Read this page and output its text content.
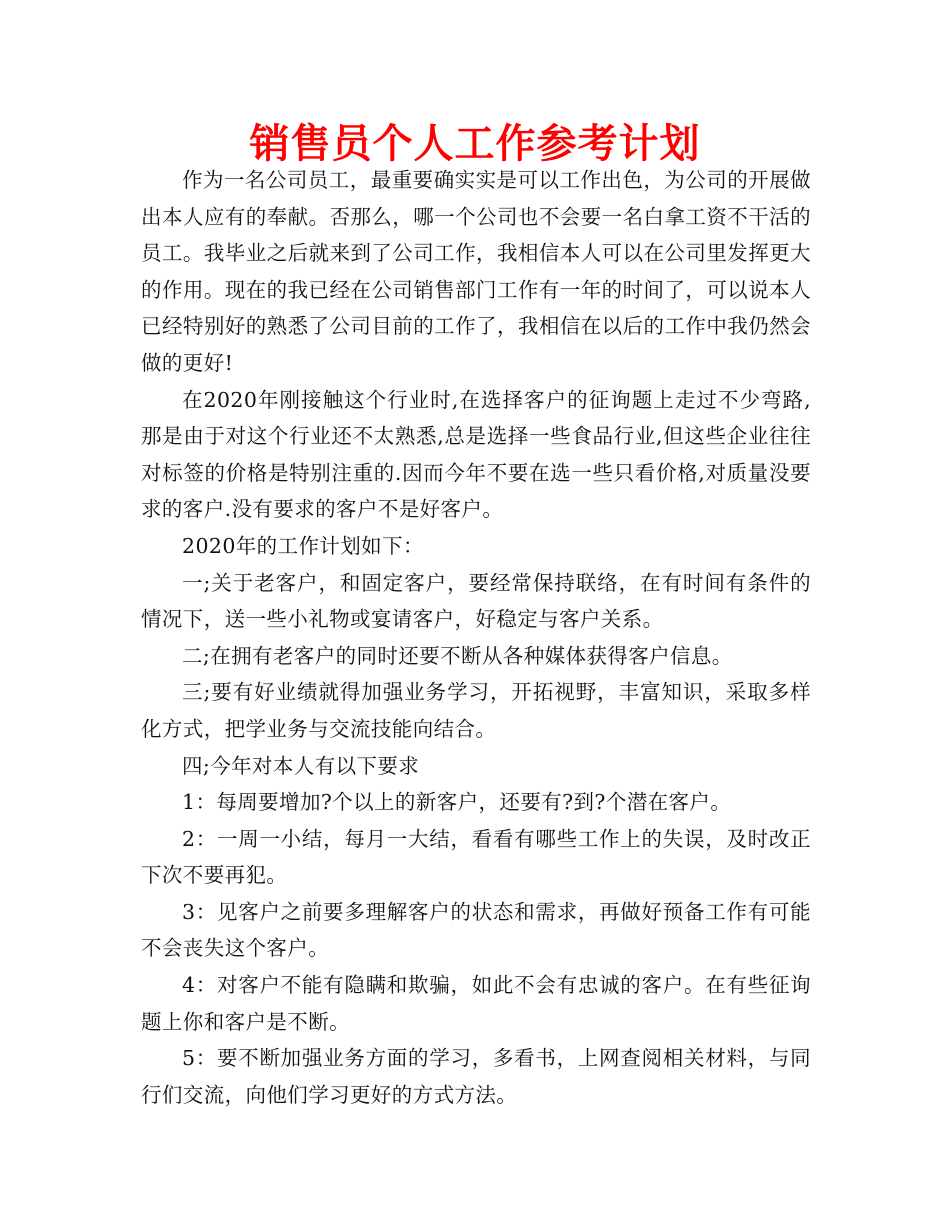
销售员个人工作参考计划

作为一名公司员工，最重要确实实是可以工作出色，为公司的开展做出本人应有的奉献。否那么，哪一个公司也不会要一名白拿工资不干活的员工。我毕业之后就来到了公司工作，我相信本人可以在公司里发挥更大的作用。现在的我已经在公司销售部门工作有一年的时间了，可以说本人已经特别好的熟悉了公司目前的工作了，我相信在以后的工作中我仍然会做的更好!

在2020年刚接触这个行业时,在选择客户的征询题上走过不少弯路,那是由于对这个行业还不太熟悉,总是选择一些食品行业,但这些企业往往对标签的价格是特别注重的.因而今年不要在选一些只看价格,对质量没要求的客户.没有要求的客户不是好客户。

2020年的工作计划如下：

一;关于老客户，和固定客户，要经常保持联络，在有时间有条件的情况下，送一些小礼物或宴请客户，好稳定与客户关系。

二;在拥有老客户的同时还要不断从各种媒体获得客户信息。

三;要有好业绩就得加强业务学习，开拓视野，丰富知识，采取多样化方式，把学业务与交流技能向结合。

四;今年对本人有以下要求

1：每周要增加?个以上的新客户，还要有?到?个潜在客户。

2：一周一小结，每月一大结，看看有哪些工作上的失误，及时改正下次不要再犯。

3：见客户之前要多理解客户的状态和需求，再做好预备工作有可能不会丧失这个客户。

4：对客户不能有隐瞒和欺骗，如此不会有忠诚的客户。在有些征询题上你和客户是不断。

5：要不断加强业务方面的学习，多看书，上网查阅相关材料，与同行们交流，向他们学习更好的方式方法。
